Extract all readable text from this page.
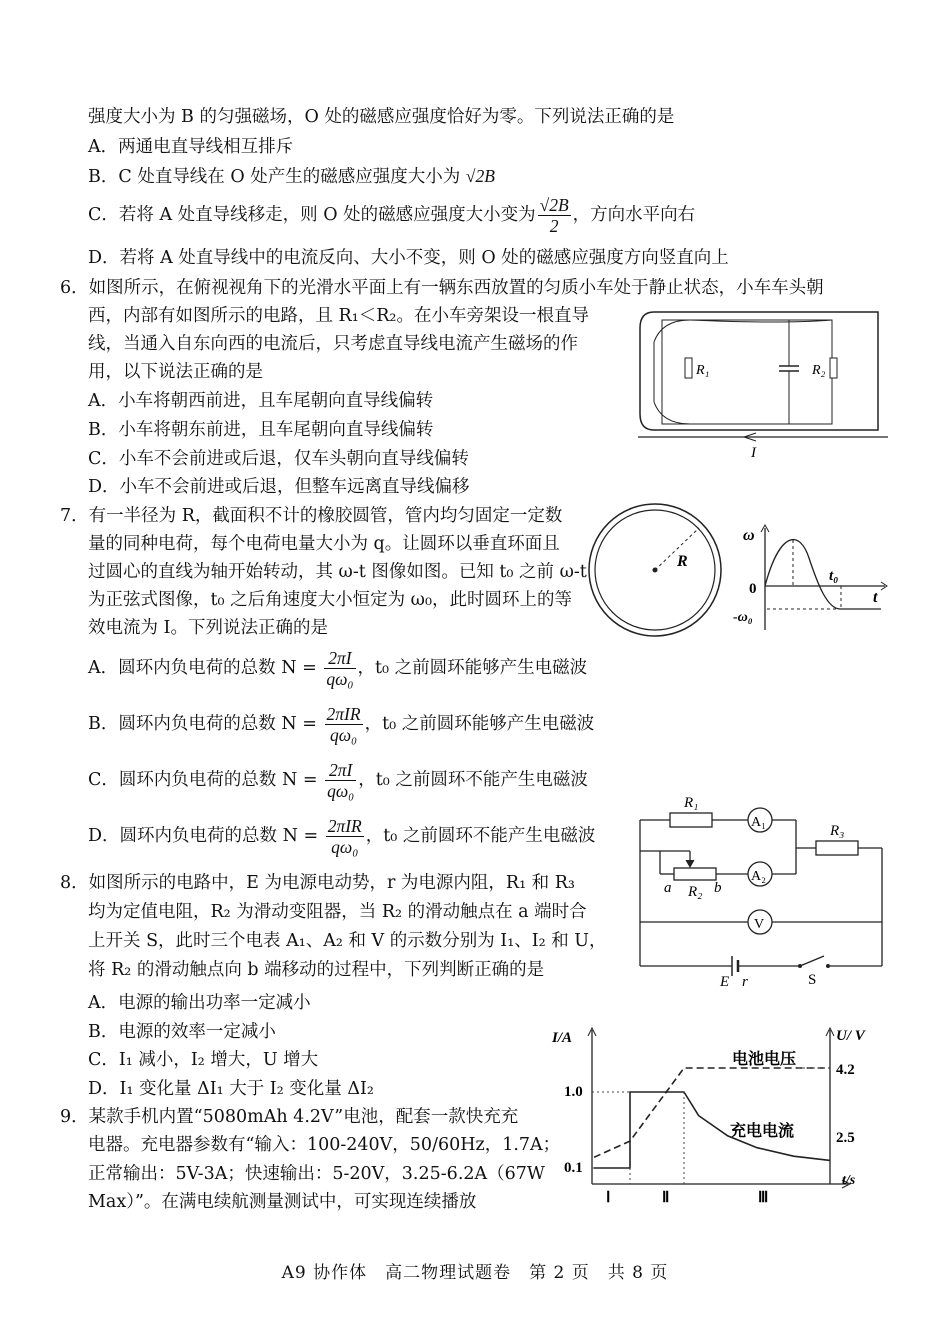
强度大小为 B 的匀强磁场，O 处的磁感应强度恰好为零。下列说法正确的是
A．两通电直导线相互排斥
B．C 处直导线在 O 处产生的磁感应强度大小为 √2B
C．若将 A 处直导线移走，则 O 处的磁感应强度大小变为 $\frac{√2B}{2}$ ，方向水平向右
D．若将 A 处直导线中的电流反向、大小不变，则 O 处的磁感应强度方向竖直向上
6．如图所示，在俯视视角下的光滑水平面上有一辆东西放置的匀质小车处于静止状态，小车车头朝
西，内部有如图所示的电路，且 R₁＜R₂。在小车旁架设一根直导
线，当通入自东向西的电流后，只考虑直导线电流产生磁场的作
用，以下说法正确的是
A．小车将朝西前进，且车尾朝向直导线偏转
B．小车将朝东前进，且车尾朝向直导线偏转
C．小车不会前进或后退，仅车头朝向直导线偏转
D．小车不会前进或后退，但整车远离直导线偏移
R₁	R₂
I
7．有一半径为 R，截面积不计的橡胶圆管，管内均匀固定一定数
量的同种电荷，每个电荷电量大小为 q。让圆环以垂直环面且
过圆心的直线为轴开始转动，其 ω-t 图像如图。已知 t₀ 之前 ω-t
为正弦式图像，t₀ 之后角速度大小恒定为 ω₀，此时圆环上的等
效电流为 I。下列说法正确的是
A．圆环内负电荷的总数 $N = \frac{2\pi I}{\text{qω₀}}$ ，t₀ 之前圆环能够产生电磁波
B．圆环内负电荷的总数 $N = \frac{\text{2πIR}}{\text{qω₀}}$ ，t₀ 之前圆环能够产生电磁波
C．圆环内负电荷的总数 $N = \frac{2\pi I}{\text{qω₀}}$ ，t₀ 之前圆环不能产生电磁波
D．圆环内负电荷的总数 $N = \frac{\text{2πIR}}{\text{qω₀}}$ ，t₀ 之前圆环不能产生电磁波
R
ω
0
t₀
t
-ω₀
8．如图所示的电路中，E 为电源电动势，r 为电源内阻，R₁ 和 R₃
均为定值电阻，R₂ 为滑动变阻器，当 R₂ 的滑动触点在 a 端时合
上开关 S，此时三个电表 A₁、A₂ 和 V 的示数分别为 I₁、I₂ 和 U，
将 R₂ 的滑动触点向 b 端移动的过程中，下列判断正确的是
A．电源的输出功率一定减小
B．电源的效率一定减小
C．I₁ 减小，I₂ 增大，U 增大
D．I₁ 变化量 ΔI₁ 大于 I₂ 变化量 ΔI₂
R₁
A₁
a R₂ b
A₂
R₃
V
E r	S
9．某款手机内置“5080mAh 4.2V”电池，配套一款快充充
电器。充电器参数有“输入：100-240V，50/60Hz，1.7A；
正常输出：5V-3A；快速输出：5-20V，3.25-6.2A（67W
Max）”。在满电续航测量测试中，可实现连续播放
I/A	U/ V
t/s
1.0
0.1
4.2
2.5
Ⅰ	Ⅱ	Ⅲ
电池电压
充电电流
A9 协作体　高二物理试题卷　第 2 页　共 8 页
